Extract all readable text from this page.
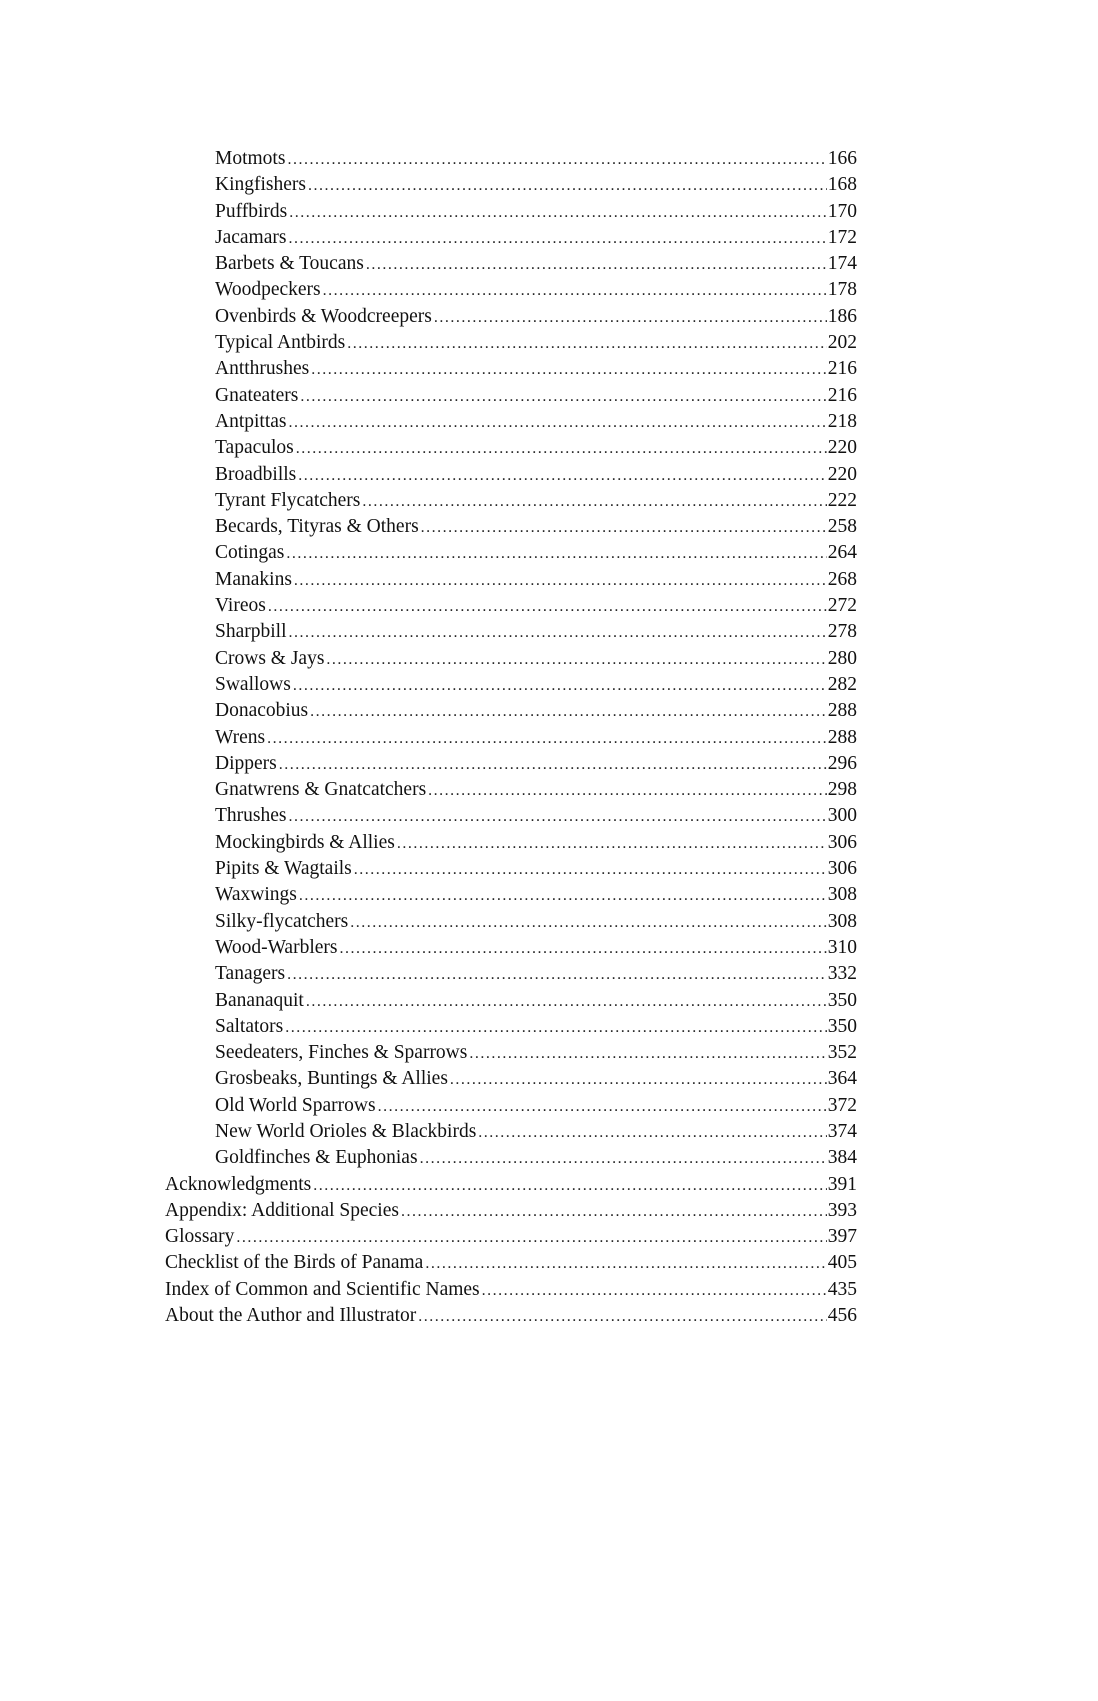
Motmots .....	166
Kingfishers .....	168
Puffbirds .....	170
Jacamars .....	172
Barbets & Toucans .....	174
Woodpeckers .....	178
Ovenbirds & Woodcreepers .....	186
Typical Antbirds .....	202
Antthrushes .....	216
Gnateaters .....	216
Antpittas .....	218
Tapaculos .....	220
Broadbills .....	220
Tyrant Flycatchers .....	222
Becards, Tityras & Others .....	258
Cotingas .....	264
Manakins .....	268
Vireos .....	272
Sharpbill .....	278
Crows & Jays .....	280
Swallows .....	282
Donacobius .....	288
Wrens .....	288
Dippers .....	296
Gnatwrens & Gnatcatchers .....	298
Thrushes .....	300
Mockingbirds & Allies .....	306
Pipits & Wagtails .....	306
Waxwings .....	308
Silky-flycatchers .....	308
Wood-Warblers .....	310
Tanagers .....	332
Bananaquit .....	350
Saltators .....	350
Seedeaters, Finches & Sparrows .....	352
Grosbeaks, Buntings & Allies .....	364
Old World Sparrows .....	372
New World Orioles & Blackbirds .....	374
Goldfinches & Euphonias .....	384
Acknowledgments .....	391
Appendix: Additional Species .....	393
Glossary .....	397
Checklist of the Birds of Panama .....	405
Index of Common and Scientific Names .....	435
About the Author and Illustrator .....	456
